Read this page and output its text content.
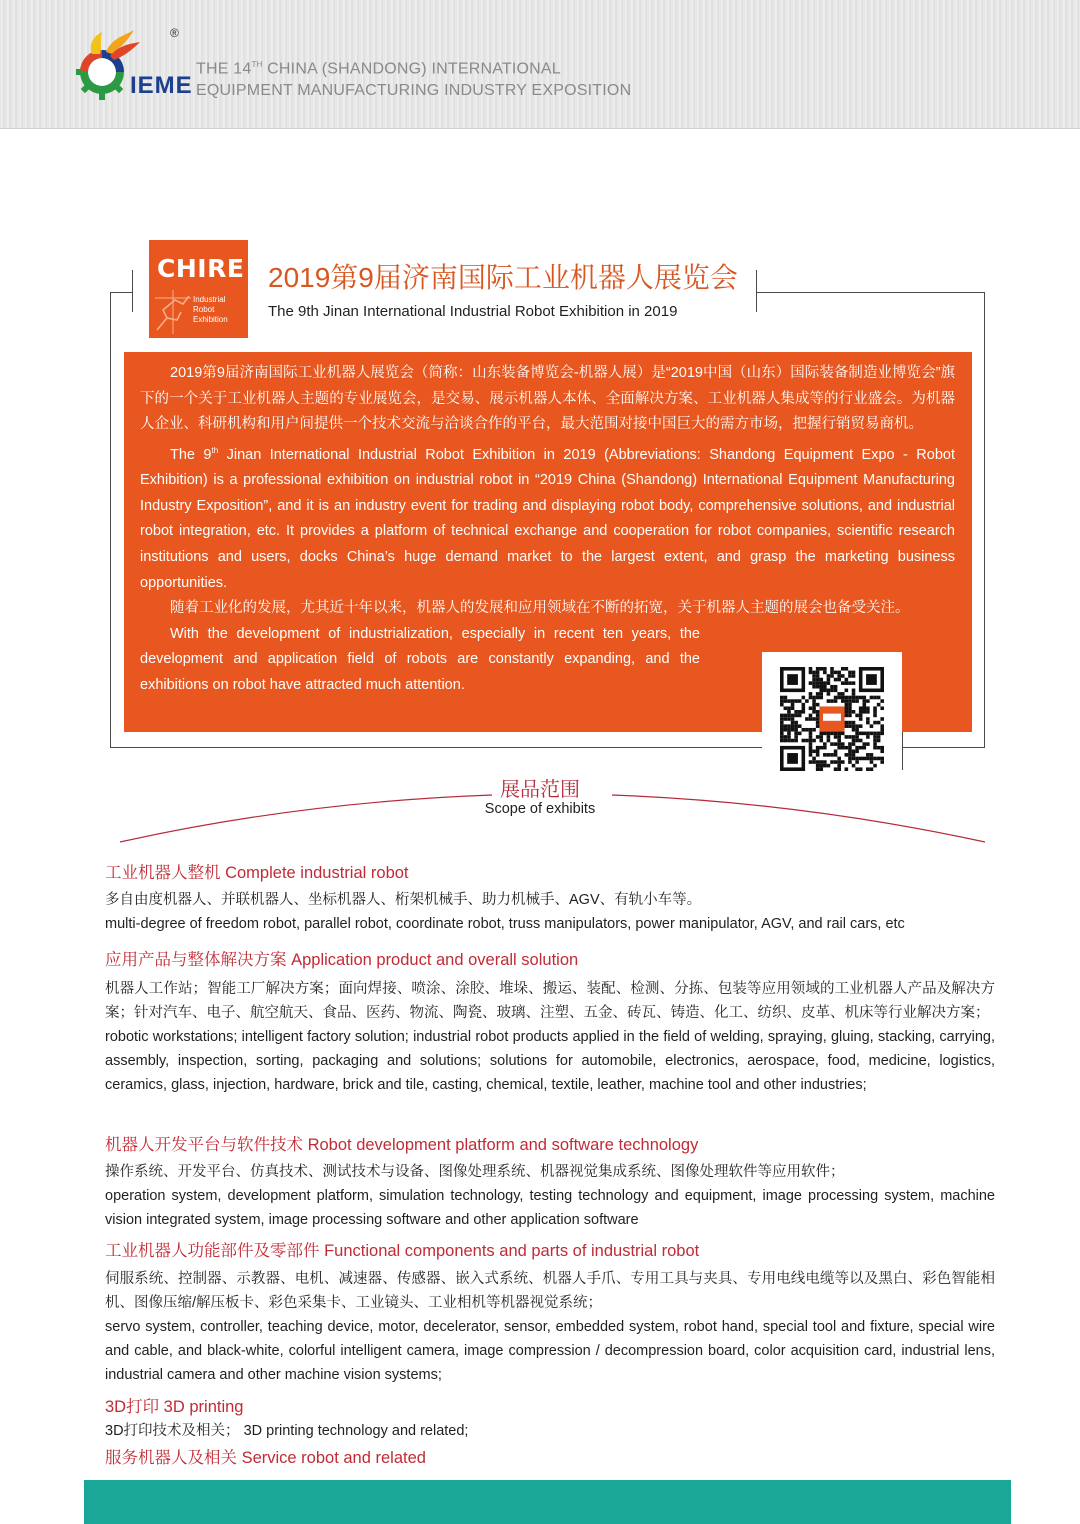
®
IEME
THE 14TH CHINA (SHANDONG) INTERNATIONAL
EQUIPMENT MANUFACTURING INDUSTRY EXPOSITION
CHIRE
Industrial
Robot
Exhibition
2019第9届济南国际工业机器人展览会
The 9th Jinan International Industrial Robot Exhibition in 2019

2019第9届济南国际工业机器人展览会（简称：山东装备博览会-机器人展）是“2019中国（山东）国际装备制造业博览会”旗下的一个关于工业机器人主题的专业展览会，是交易、展示机器人本体、全面解决方案、工业机器人集成等的行业盛会。为机器人企业、科研机构和用户间提供一个技术交流与洽谈合作的平台，最大范围对接中国巨大的需方市场，把握行销贸易商机。

The 9th Jinan International Industrial Robot Exhibition in 2019 (Abbreviations: Shandong Equipment Expo - Robot Exhibition) is a professional exhibition on industrial robot in “2019 China (Shandong) International Equipment Manufacturing Industry Exposition”, and it is an industry event for trading and displaying robot body, comprehensive solutions, and industrial robot integration, etc. It provides a platform of technical exchange and cooperation for robot companies, scientific research institutions and users, docks China’s huge demand market to the largest extent, and grasp the marketing business opportunities.

随着工业化的发展，尤其近十年以来，机器人的发展和应用领域在不断的拓宽，关于机器人主题的展会也备受关注。

With the development of industrialization, especially in recent ten years, the development and application field of robots are constantly expanding, and the exhibitions on robot have attracted much attention.

展品范围
Scope of exhibits

工业机器人整机 Complete industrial robot

多自由度机器人、并联机器人、坐标机器人、桁架机械手、助力机械手、AGV、有轨小车等。

multi-degree of freedom robot, parallel robot, coordinate robot, truss manipulators, power manipulator, AGV, and rail cars, etc

应用产品与整体解决方案 Application product and overall solution

机器人工作站；智能工厂解决方案；面向焊接、喷涂、涂胶、堆垛、搬运、装配、检测、分拣、包装等应用领域的工业机器人产品及解决方案；针对汽车、电子、航空航天、食品、医药、物流、陶瓷、玻璃、注塑、五金、砖瓦、铸造、化工、纺织、皮革、机床等行业解决方案；

robotic workstations; intelligent factory solution; industrial robot products applied in the field of welding, spraying, gluing, stacking, carrying, assembly, inspection, sorting, packaging and solutions; solutions for automobile, electronics, aerospace, food, medicine, logistics, ceramics, glass, injection, hardware, brick and tile, casting, chemical, textile, leather, machine tool and other industries;

机器人开发平台与软件技术 Robot development platform and software technology

操作系统、开发平台、仿真技术、测试技术与设备、图像处理系统、机器视觉集成系统、图像处理软件等应用软件；

operation system, development platform, simulation technology, testing technology and equipment, image processing system, machine vision integrated system, image processing software and other application software

工业机器人功能部件及零部件 Functional components and parts of industrial robot

伺服系统、控制器、示教器、电机、减速器、传感器、嵌入式系统、机器人手爪、专用工具与夹具、专用电线电缆等以及黑白、彩色智能相机、图像压缩/解压板卡、彩色采集卡、工业镜头、工业相机等机器视觉系统；

servo system, controller, teaching device, motor, decelerator, sensor, embedded system, robot hand, special tool and fixture, special wire and cable, and black-white, colorful intelligent camera, image compression / decompression board, color acquisition card, industrial lens, industrial camera and other machine vision systems;

3D打印 3D printing

3D打印技术及相关； 3D printing technology and related;

服务机器人及相关 Service robot and related
